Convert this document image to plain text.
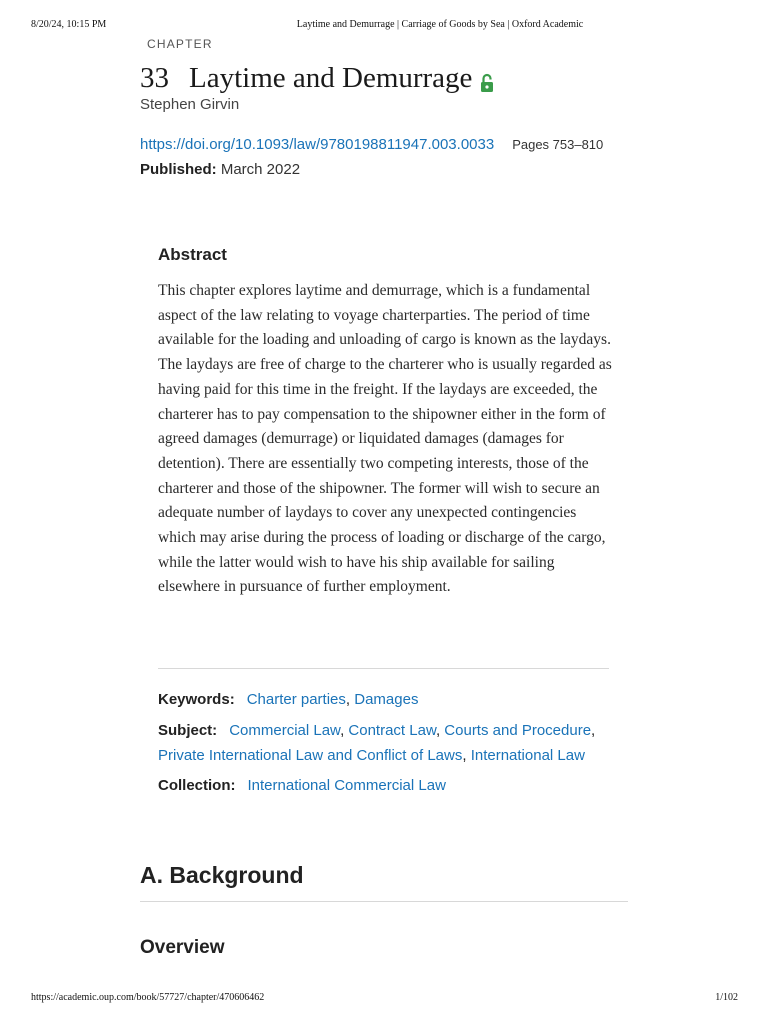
8/20/24, 10:15 PM	Laytime and Demurrage | Carriage of Goods by Sea | Oxford Academic
CHAPTER
33 Laytime and Demurrage
Stephen Girvin
https://doi.org/10.1093/law/9780198811947.003.0033 Pages 753–810
Published: March 2022
Abstract

This chapter explores laytime and demurrage, which is a fundamental aspect of the law relating to voyage charterparties. The period of time available for the loading and unloading of cargo is known as the laydays. The laydays are free of charge to the charterer who is usually regarded as having paid for this time in the freight. If the laydays are exceeded, the charterer has to pay compensation to the shipowner either in the form of agreed damages (demurrage) or liquidated damages (damages for detention). There are essentially two competing interests, those of the charterer and those of the shipowner. The former will wish to secure an adequate number of laydays to cover any unexpected contingencies which may arise during the process of loading or discharge of the cargo, while the latter would wish to have his ship available for sailing elsewhere in pursuance of further employment.

Keywords: Charter parties, Damages
Subject: Commercial Law, Contract Law, Courts and Procedure, Private International Law and Conflict of Laws, International Law
Collection: International Commercial Law
A. Background
Overview
https://academic.oup.com/book/57727/chapter/470606462	1/102
